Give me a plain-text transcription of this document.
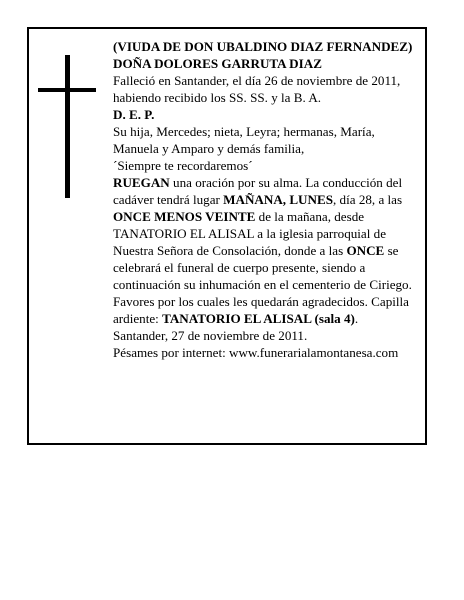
(VIUDA DE DON UBALDINO DIAZ FERNANDEZ)

DOÑA DOLORES GARRUTA DIAZ

Falleció en Santander, el día 26 de noviembre de 2011, habiendo recibido los SS. SS. y la B. A.

D. E. P.

Su hija, Mercedes; nieta, Leyra; hermanas, María, Manuela y Amparo y demás familia,

´Siempre te recordaremos´

RUEGAN una oración por su alma. La conducción del cadáver tendrá lugar MAÑANA, LUNES, día 28, a las ONCE MENOS VEINTE de la mañana, desde TANATORIO EL ALISAL a la iglesia parroquial de Nuestra Señora de Consolación, donde a las ONCE se celebrará el funeral de cuerpo presente, siendo a continuación su inhumación en el cementerio de Ciriego. Favores por los cuales les quedarán agradecidos. Capilla ardiente: TANATORIO EL ALISAL (sala 4).

Santander, 27 de noviembre de 2011.

Pésames por internet: www.funerarialamontanesa.com
